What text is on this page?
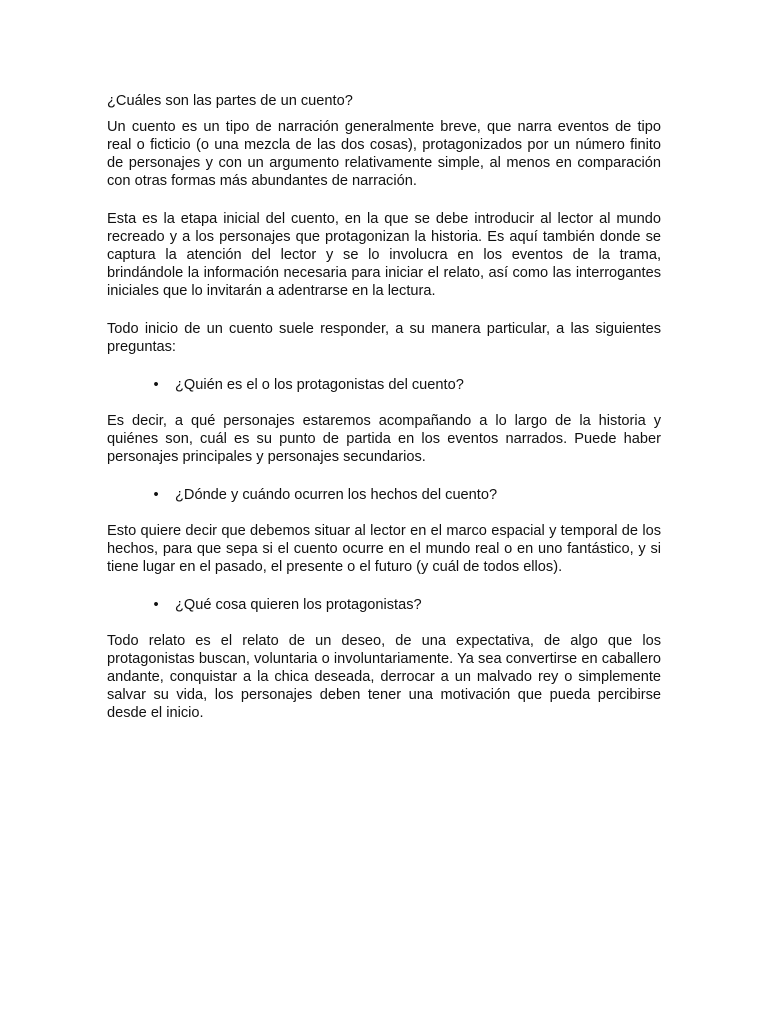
¿Cuáles son las partes de un cuento?

Un cuento es un tipo de narración generalmente breve, que narra eventos de tipo real o ficticio (o una mezcla de las dos cosas), protagonizados por un número finito de personajes y con un argumento relativamente simple, al menos en comparación con otras formas más abundantes de narración.

Esta es la etapa inicial del cuento, en la que se debe introducir al lector al mundo recreado y a los personajes que protagonizan la historia. Es aquí también donde se captura la atención del lector y se lo involucra en los eventos de la trama, brindándole la información necesaria para iniciar el relato, así como las interrogantes iniciales que lo invitarán a adentrarse en la lectura.

Todo inicio de un cuento suele responder, a su manera particular, a las siguientes preguntas:

• ¿Quién es el o los protagonistas del cuento?

Es decir, a qué personajes estaremos acompañando a lo largo de la historia y quiénes son, cuál es su punto de partida en los eventos narrados. Puede haber personajes principales y personajes secundarios.

• ¿Dónde y cuándo ocurren los hechos del cuento?

Esto quiere decir que debemos situar al lector en el marco espacial y temporal de los hechos, para que sepa si el cuento ocurre en el mundo real o en uno fantástico, y si tiene lugar en el pasado, el presente o el futuro (y cuál de todos ellos).

• ¿Qué cosa quieren los protagonistas?

Todo relato es el relato de un deseo, de una expectativa, de algo que los protagonistas buscan, voluntaria o involuntariamente. Ya sea convertirse en caballero andante, conquistar a la chica deseada, derrocar a un malvado rey o simplemente salvar su vida, los personajes deben tener una motivación que pueda percibirse desde el inicio.
